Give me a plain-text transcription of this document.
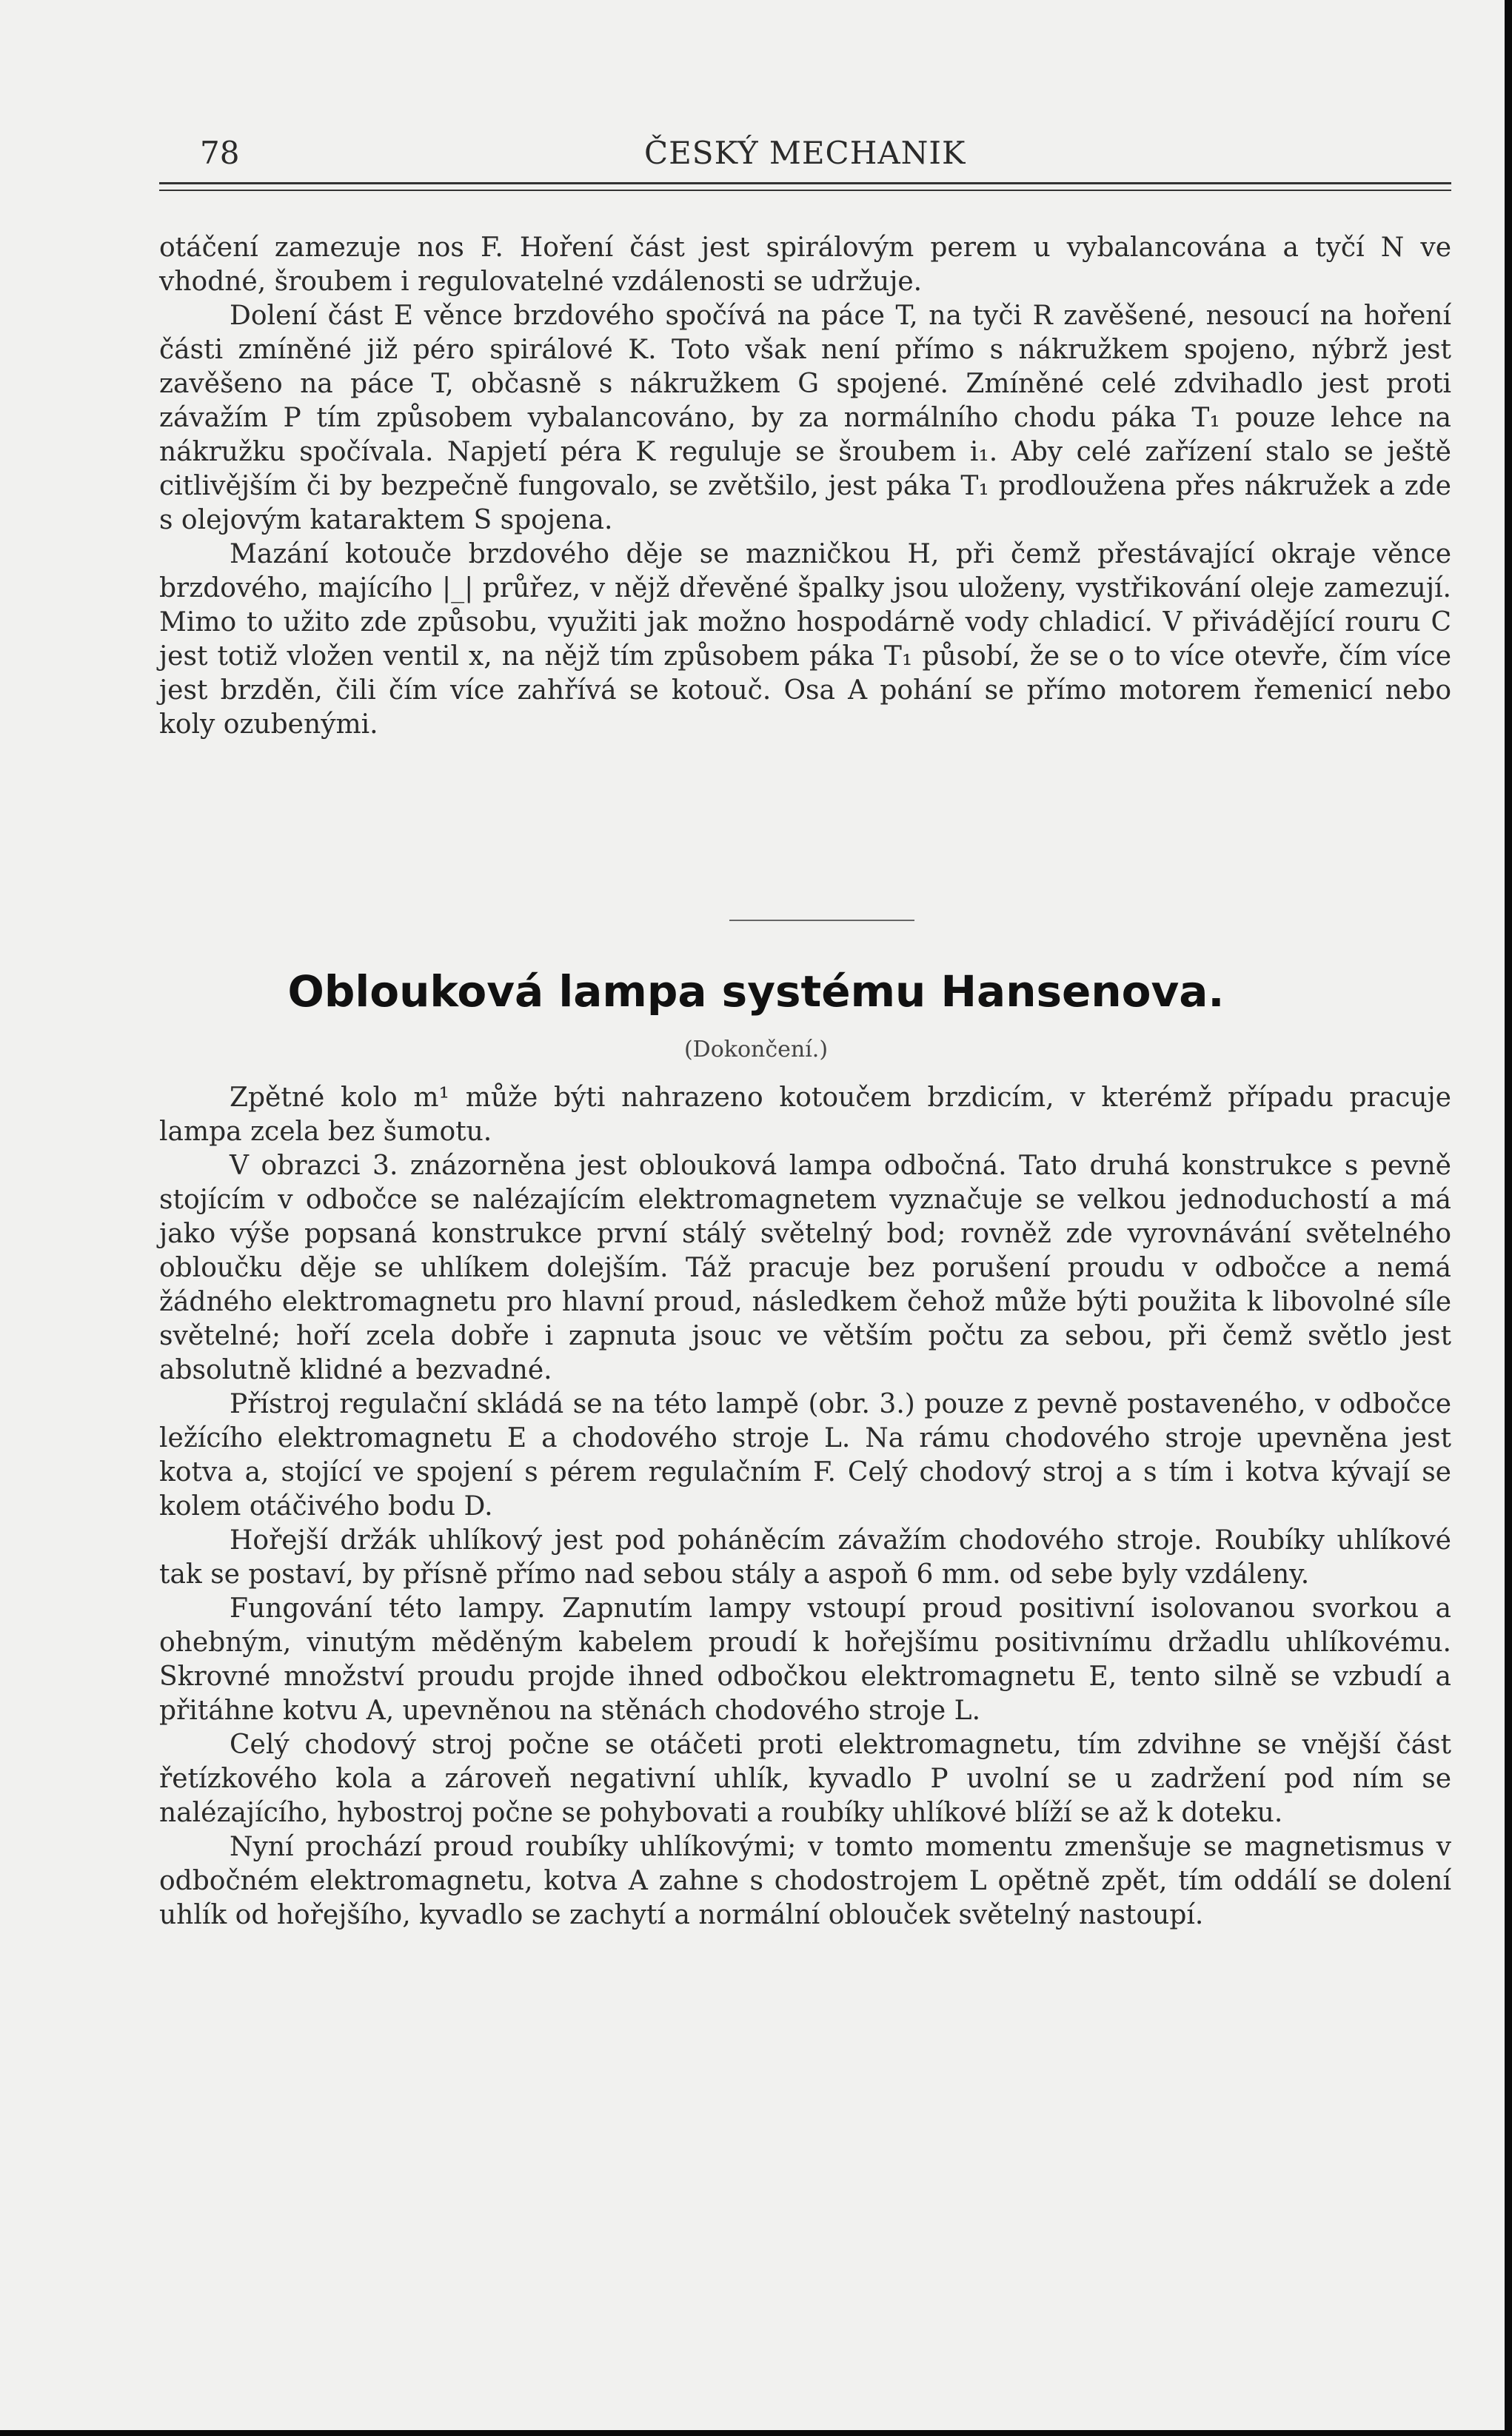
78	ČESKÝ MECHANIK

otáčení zamezuje nos F. Hoření část jest spirálovým perem u vybalancována a tyčí N ve vhodné, šroubem i regulovatelné vzdálenosti se udržuje.

Dolení část E věnce brzdového spočívá na páce T, na tyči R zavěšené, nesoucí na hoření části zmíněné již péro spirálové K. Toto však není přímo s nákružkem spojeno, nýbrž jest zavěšeno na páce T, občasně s nákružkem G spojené. Zmíněné celé zdvihadlo jest proti závažím P tím způsobem vybalancováno, by za normálního chodu páka T₁ pouze lehce na nákružku spočívala. Napjetí péra K reguluje se šroubem i₁. Aby celé zařízení stalo se ještě citlivějším či by bezpečně fungovalo, se zvětšilo, jest páka T₁ prodloužena přes nákružek a zde s olejovým kataraktem S spojena.

Mazání kotouče brzdového děje se mazničkou H, při čemž přestávající okraje věnce brzdového, majícího |_| průřez, v nějž dřevěné špalky jsou uloženy, vystřikování oleje zamezují. Mimo to užito zde způsobu, využiti jak možno hospodárně vody chladicí. V přivádějící rouru C jest totiž vložen ventil x, na nějž tím způsobem páka T₁ působí, že se o to více otevře, čím více jest brzděn, čili čím více zahřívá se kotouč. Osa A pohání se přímo motorem řemenicí nebo koly ozubenými.

Oblouková lampa systému Hansenova.
(Dokončení.)

Zpětné kolo m¹ může býti nahrazeno kotoučem brzdicím, v kterémž případu pracuje lampa zcela bez šumotu.

V obrazci 3. znázorněna jest oblouková lampa odbočná. Tato druhá konstrukce s pevně stojícím v odbočce se nalézajícím elektromagnetem vyznačuje se velkou jednoduchostí a má jako výše popsaná konstrukce první stálý světelný bod; rovněž zde vyrovnávání světelného obloučku děje se uhlíkem dolejším. Táž pracuje bez porušení proudu v odbočce a nemá žádného elektromagnetu pro hlavní proud, následkem čehož může býti použita k libovolné síle světelné; hoří zcela dobře i zapnuta jsouc ve větším počtu za sebou, při čemž světlo jest absolutně klidné a bezvadné.

Přístroj regulační skládá se na této lampě (obr. 3.) pouze z pevně postaveného, v odbočce ležícího elektromagnetu E a chodového stroje L. Na rámu chodového stroje upevněna jest kotva a, stojící ve spojení s pérem regulačním F. Celý chodový stroj a s tím i kotva kývají se kolem otáčivého bodu D.

Hořejší držák uhlíkový jest pod poháněcím závažím chodového stroje. Roubíky uhlíkové tak se postaví, by přísně přímo nad sebou stály a aspoň 6 mm. od sebe byly vzdáleny.

Fungování této lampy. Zapnutím lampy vstoupí proud positivní isolovanou svorkou a ohebným, vinutým měděným kabelem proudí k hořejšímu positivnímu držadlu uhlíkovému. Skrovné množství proudu projde ihned odbočkou elektromagnetu E, tento silně se vzbudí a přitáhne kotvu A, upevněnou na stěnách chodového stroje L.

Celý chodový stroj počne se otáčeti proti elektromagnetu, tím zdvihne se vnější část řetízkového kola a zároveň negativní uhlík, kyvadlo P uvolní se u zadržení pod ním se nalézajícího, hybostroj počne se pohybovati a roubíky uhlíkové blíží se až k doteku.

Nyní prochází proud roubíky uhlíkovými; v tomto momentu zmenšuje se magnetismus v odbočném elektromagnetu, kotva A zahne s chodostrojem L opětně zpět, tím oddálí se dolení uhlík od hořejšího, kyvadlo se zachytí a normální oblouček světelný nastoupí.
